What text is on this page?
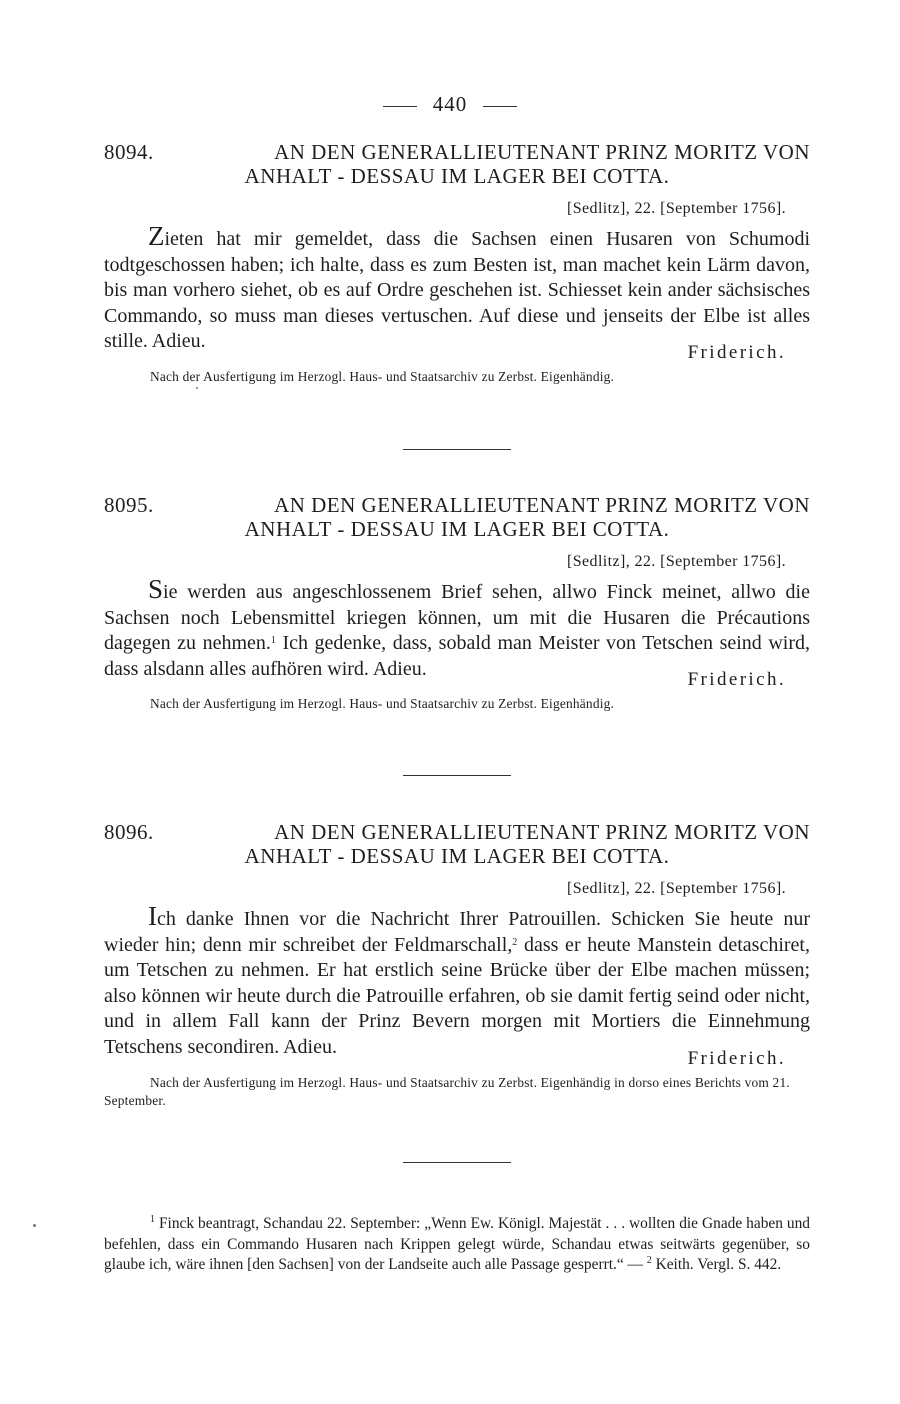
440
8094.	AN DEN GENERALLIEUTENANT PRINZ MORITZ VON
ANHALT - DESSAU IM LAGER BEI COTTA.
[Sedlitz], 22. [September 1756].
Zieten hat mir gemeldet, dass die Sachsen einen Husaren von Schumodi todtgeschossen haben; ich halte, dass es zum Besten ist, man machet kein Lärm davon, bis man vorhero siehet, ob es auf Ordre geschehen ist. Schiesset kein ander sächsisches Commando, so muss man dieses vertuschen. Auf diese und jenseits der Elbe ist alles stille. Adieu.
Friderich.
Nach der Ausfertigung im Herzogl. Haus- und Staatsarchiv zu Zerbst. Eigenhändig.
8095.	AN DEN GENERALLIEUTENANT PRINZ MORITZ VON
ANHALT - DESSAU IM LAGER BEI COTTA.
[Sedlitz], 22. [September 1756].
Sie werden aus angeschlossenem Brief sehen, allwo Finck meinet, allwo die Sachsen noch Lebensmittel kriegen können, um mit die Husaren die Précautions dagegen zu nehmen.$^1$ Ich gedenke, dass, sobald man Meister von Tetschen seind wird, dass alsdann alles aufhören wird. Adieu.
Friderich.
Nach der Ausfertigung im Herzogl. Haus- und Staatsarchiv zu Zerbst. Eigenhändig.
8096.	AN DEN GENERALLIEUTENANT PRINZ MORITZ VON
ANHALT - DESSAU IM LAGER BEI COTTA.
[Sedlitz], 22. [September 1756].
Ich danke Ihnen vor die Nachricht Ihrer Patrouillen. Schicken Sie heute nur wieder hin; denn mir schreibet der Feldmarschall,$^2$ dass er heute Manstein detaschiret, um Tetschen zu nehmen. Er hat erstlich seine Brücke über der Elbe machen müssen; also können wir heute durch die Patrouille erfahren, ob sie damit fertig seind oder nicht, und in allem Fall kann der Prinz Bevern morgen mit Mortiers die Einnehmung Tetschens secondiren. Adieu.
Friderich.
Nach der Ausfertigung im Herzogl. Haus- und Staatsarchiv zu Zerbst. Eigenhändig in dorso eines Berichts vom 21. September.
$^1$ Finck beantragt, Schandau 22. September: „Wenn Ew. Königl. Majestät . . . wollten die Gnade haben und befehlen, dass ein Commando Husaren nach Krippen gelegt würde, Schandau etwas seitwärts gegenüber, so glaube ich, wäre ihnen [den Sachsen] von der Landseite auch alle Passage gesperrt.“ — $^2$ Keith. Vergl. S. 442.
